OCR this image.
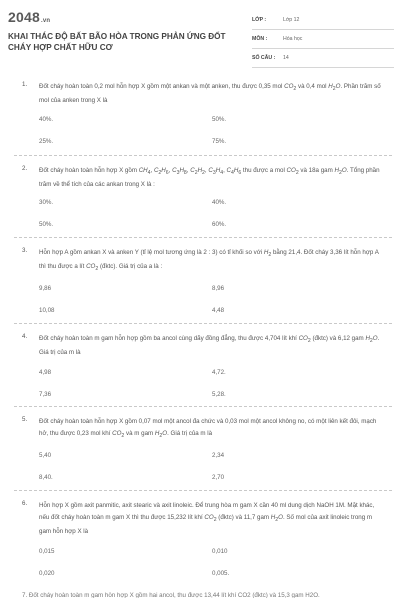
2048.vn
KHAI THÁC ĐỘ BẤT BÃO HÒA TRONG PHẢN ỨNG ĐỐT
CHÁY HỢP CHẤT HỮU CƠ
LỚP :	Lớp 12
MÔN :	Hóa học
SỐ CÂU : 14
1. Đốt cháy hoàn toàn 0,2 mol hỗn hợp X gồm một ankan và một anken, thu được 0,35 mol $CO_2$ và 0,4 mol $H_2O$. Phần trăm số mol của anken trong X là
40%.	50%.
25%.	75%.
2. Đốt cháy hoàn toàn hỗn hợp X gồm $CH_4$, $C_2H_6$, $C_3H_8$, $C_2H_2$, $C_3H_4$, $C_4H_6$ thu được a mol $CO_2$ và 18a gam $H_2O$. Tổng phần trăm về thể tích của các ankan trong X là :
30%.	40%.
50%.	60%.
3. Hỗn hợp A gồm ankan X và anken Y (tỉ lệ mol tương ứng là 2 : 3) có tỉ khối so với $H_2$ bằng 21,4. Đốt cháy 3,36 lít hỗn hợp A thì thu được a lít $CO_2$ (đktc). Giá trị của a là :
9,86	8,96
10,08	4,48
4. Đốt cháy hoàn toàn m gam hỗn hợp gồm ba ancol cùng dãy đồng đẳng, thu được 4,704 lít khí $CO_2$ (đktc) và 6,12 gam $H_2O$. Giá trị của m là
4,98	4,72.
7,36	5,28.
5. Đốt cháy hoàn toàn hỗn hợp X gồm 0,07 mol một ancol đa chức và 0,03 mol một ancol không no, có một liên kết đôi, mạch hở, thu được 0,23 mol khí $CO_2$ và m gam $H_2O$. Giá trị của m là
5,40	2,34
8,40.	2,70
6. Hỗn hợp X gồm axit panmitic, axit stearic và axit linoleic. Để trung hòa m gam X cần 40 ml dung dịch NaOH 1M. Mặt khác, nếu đốt cháy hoàn toàn m gam X thì thu được 15,232 lít khí $CO_2$ (đktc) và 11,7 gam $H_2O$. Số mol của axit linoleic trong m gam hỗn hợp X là
0,015	0,010
0,020	0,005.
7. Đốt cháy hoàn toàn m gam hỗn hợp X gồm hai ancol, thu được 13,44 lít khí CO2 (đktc) và 15,3 gam H2O.
